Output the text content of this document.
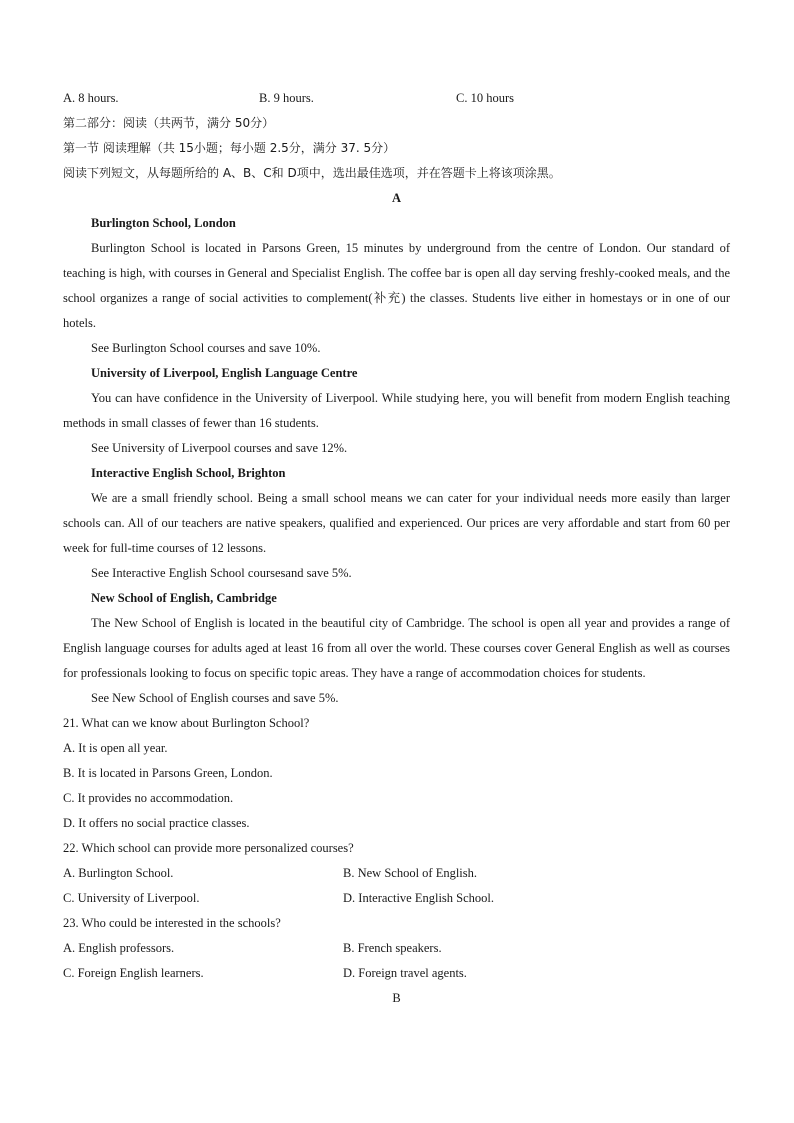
A. 8 hours.	B. 9 hours.	C. 10 hours
第二部分：阅读（共两节，满分 50分）
第一节 阅读理解（共 15小题；每小题 2.5分，满分 37. 5分）
阅读下列短文，从每题所给的 A、B、C和 D项中，选出最佳选项，并在答题卡上将该项涂黑。
A
Burlington School, London

Burlington School is located in Parsons Green, 15 minutes by underground from the centre of London. Our standard of teaching is high, with courses in General and Specialist English. The coffee bar is open all day serving freshly-cooked meals, and the school organizes a range of social activities to complement(补充) the classes. Students live either in homestays or in one of our hotels.

See Burlington School courses and save 10%.
University of Liverpool, English Language Centre

You can have confidence in the University of Liverpool. While studying here, you will benefit from modern English teaching methods in small classes of fewer than 16 students.

See University of Liverpool courses and save 12%.
Interactive English School, Brighton

We are a small friendly school. Being a small school means we can cater for your individual needs more easily than larger schools can. All of our teachers are native speakers, qualified and experienced. Our prices are very affordable and start from 60 per week for full-time courses of 12 lessons.

See Interactive English School coursesand save 5%.
New School of English, Cambridge

The New School of English is located in the beautiful city of Cambridge. The school is open all year and provides a range of English language courses for adults aged at least 16 from all over the world. These courses cover General English as well as courses for professionals looking to focus on specific topic areas. They have a range of accommodation choices for students.

See New School of English courses and save 5%.
21. What can we know about Burlington School?
A. It is open all year.
B. It is located in Parsons Green, London.
C. It provides no accommodation.
D. It offers no social practice classes.
22. Which school can provide more personalized courses?
A. Burlington School.	B. New School of English.
C. University of Liverpool.	D. Interactive English School.
23. Who could be interested in the schools?
A. English professors.	B. French speakers.
C. Foreign English learners.	D. Foreign travel agents.
B
